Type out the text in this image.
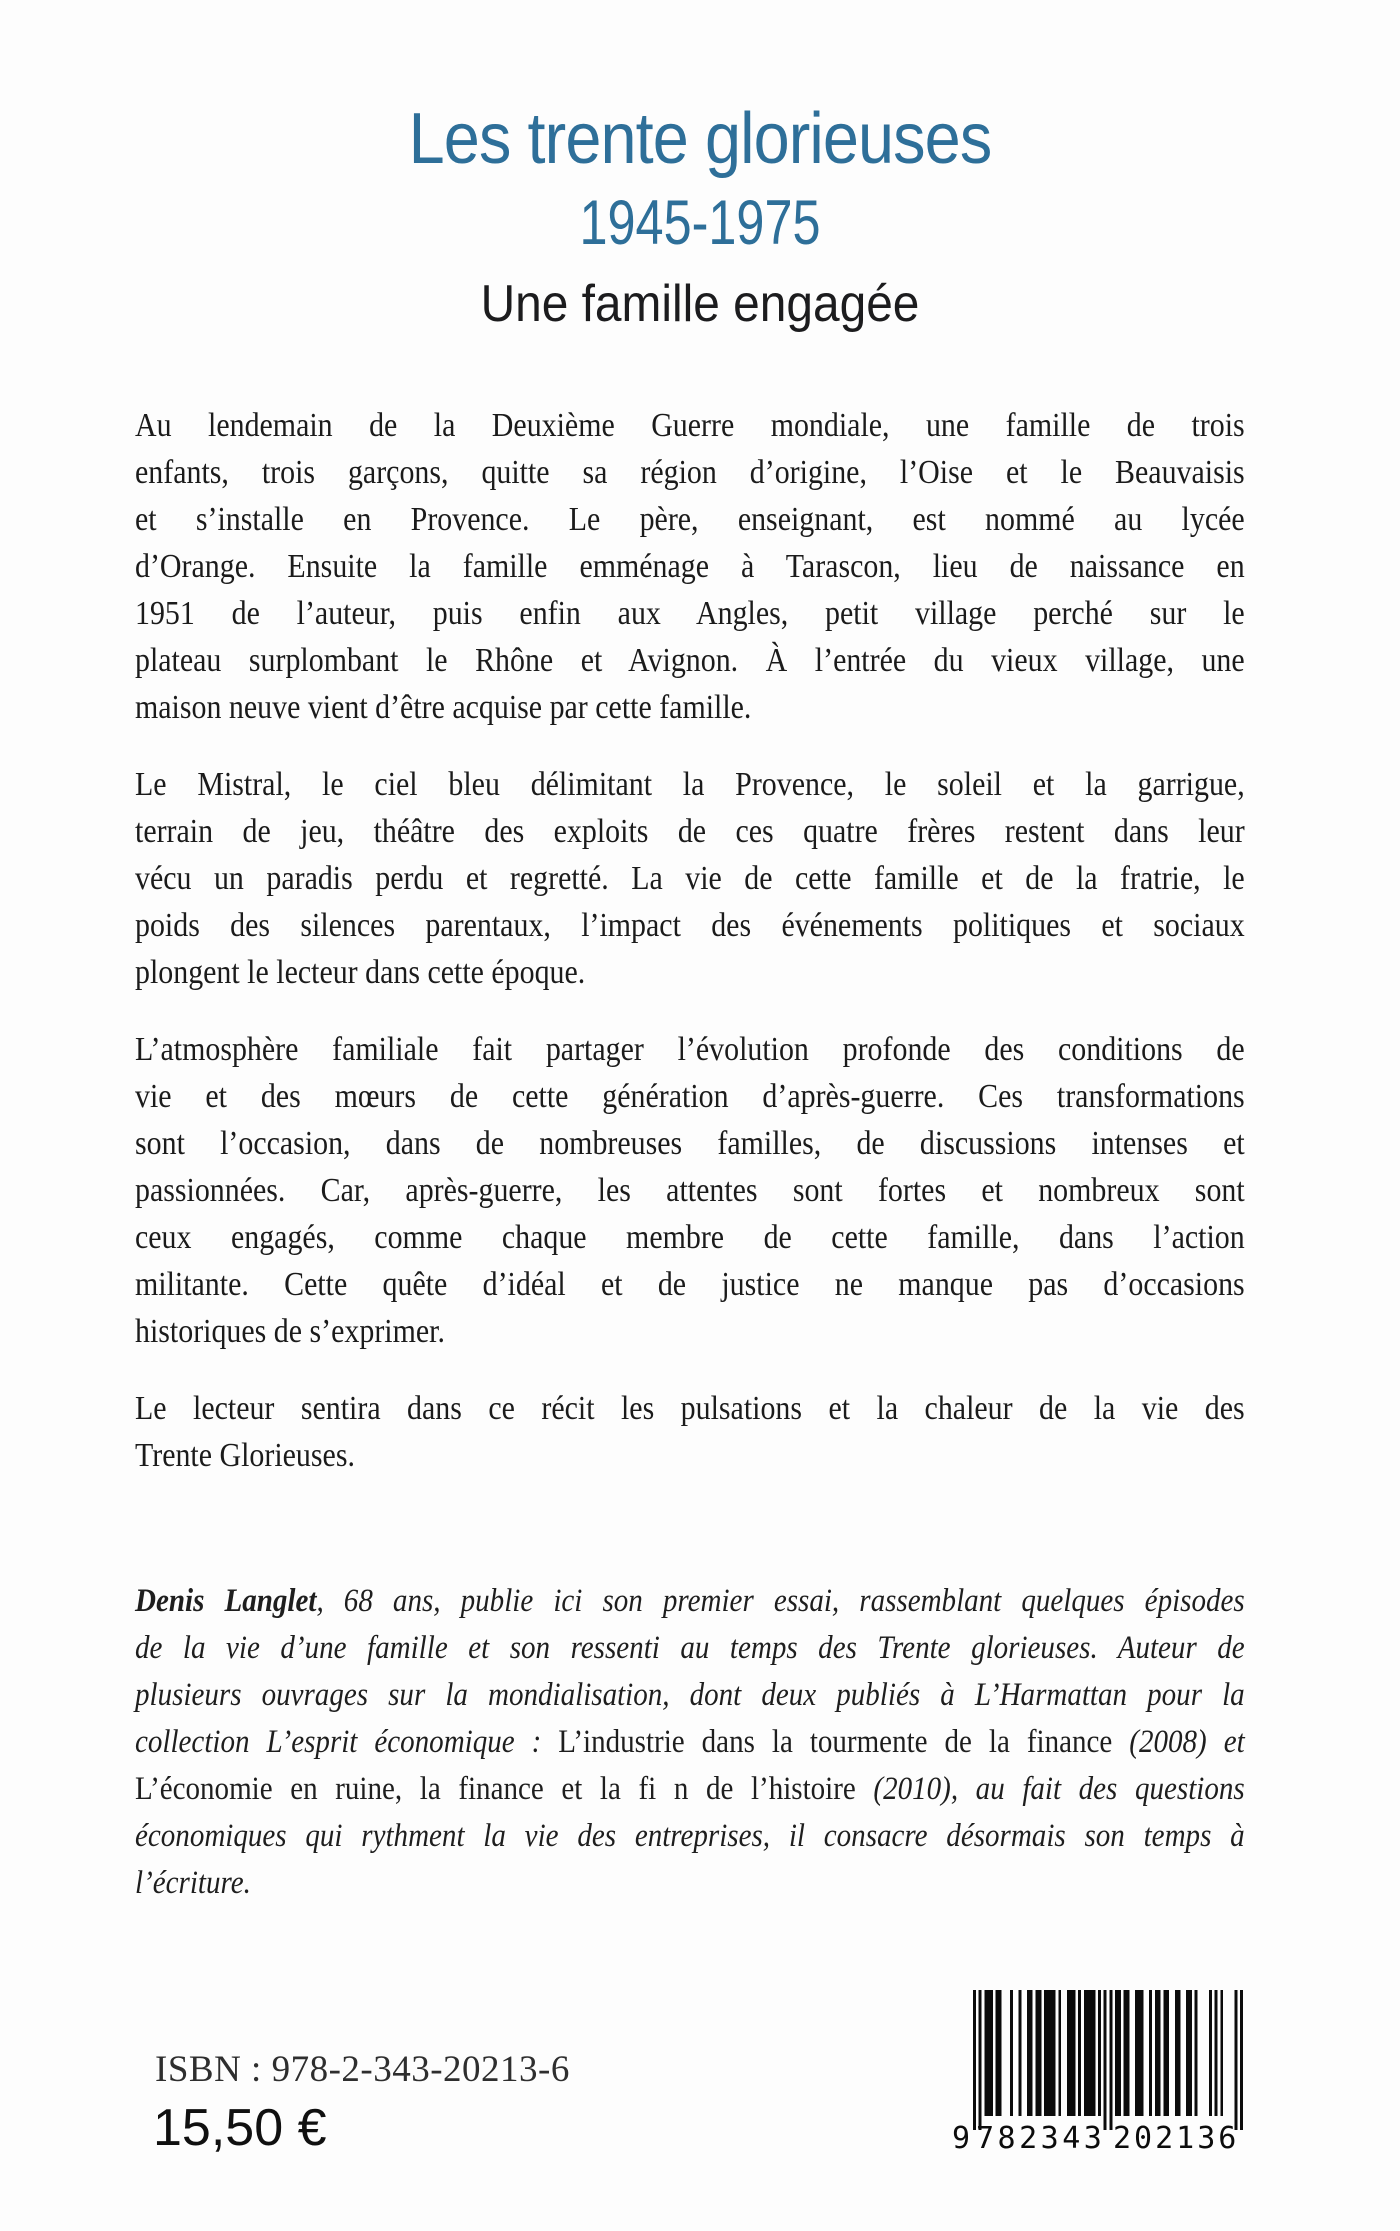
Les trente glorieuses
1945-1975
Une famille engagée
Au lendemain de la Deuxième Guerre mondiale, une famille de trois
enfants, trois garçons, quitte sa région d’origine, l’Oise et le Beauvaisis
et s’installe en Provence. Le père, enseignant, est nommé au lycée
d’Orange. Ensuite la famille emménage à Tarascon, lieu de naissance en
1951 de l’auteur, puis enfin aux Angles, petit village perché sur le
plateau surplombant le Rhône et Avignon. À l’entrée du vieux village, une
maison neuve vient d’être acquise par cette famille.
Le Mistral, le ciel bleu délimitant la Provence, le soleil et la garrigue,
terrain de jeu, théâtre des exploits de ces quatre frères restent dans leur
vécu un paradis perdu et regretté. La vie de cette famille et de la fratrie, le
poids des silences parentaux, l’impact des événements politiques et sociaux
plongent le lecteur dans cette époque.
L’atmosphère familiale fait partager l’évolution profonde des conditions de
vie et des mœurs de cette génération d’après-guerre. Ces transformations
sont l’occasion, dans de nombreuses familles, de discussions intenses et
passionnées. Car, après-guerre, les attentes sont fortes et nombreux sont
ceux engagés, comme chaque membre de cette famille, dans l’action
militante. Cette quête d’idéal et de justice ne manque pas d’occasions
historiques de s’exprimer.
Le lecteur sentira dans ce récit les pulsations et la chaleur de la vie des
Trente Glorieuses.
Denis Langlet, 68 ans, publie ici son premier essai, rassemblant quelques épisodes
de la vie d’une famille et son ressenti au temps des Trente glorieuses. Auteur de
plusieurs ouvrages sur la mondialisation, dont deux publiés à L’Harmattan pour la
collection L’esprit économique : L’industrie dans la tourmente de la finance (2008) et
L’économie en ruine, la finance et la fi n de l’histoire (2010), au fait des questions
économiques qui rythment la vie des entreprises, il consacre désormais son temps à
l’écriture.
ISBN : 978-2-343-20213-6
15,50 €	9 782343 202136
